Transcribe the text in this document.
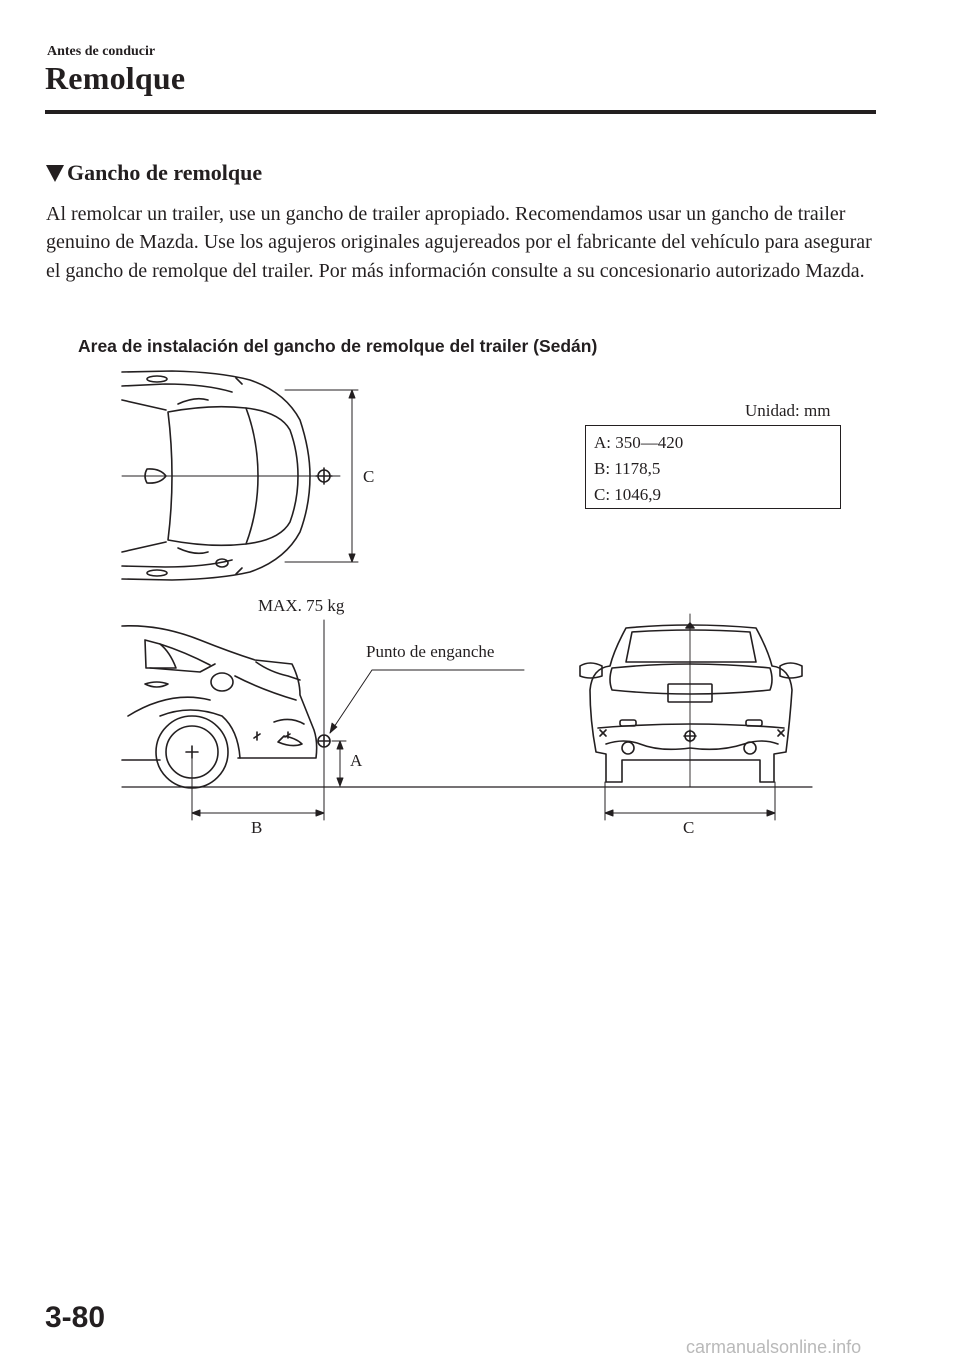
Antes de conducir
Remolque
Gancho de remolque
Al remolcar un trailer, use un gancho de trailer apropiado. Recomendamos usar un gancho de trailer genuino de Mazda. Use los agujeros originales agujereados por el fabricante del vehículo para asegurar el gancho de remolque del trailer. Por más información consulte a su concesionario autorizado Mazda.
Area de instalación del gancho de remolque del trailer (Sedán)
C
MAX. 75 kg
Punto de enganche
A
B	C
Unidad: mm
A: 350—420
B: 1178,5
C: 1046,9
3-80
carmanualsonline.info
